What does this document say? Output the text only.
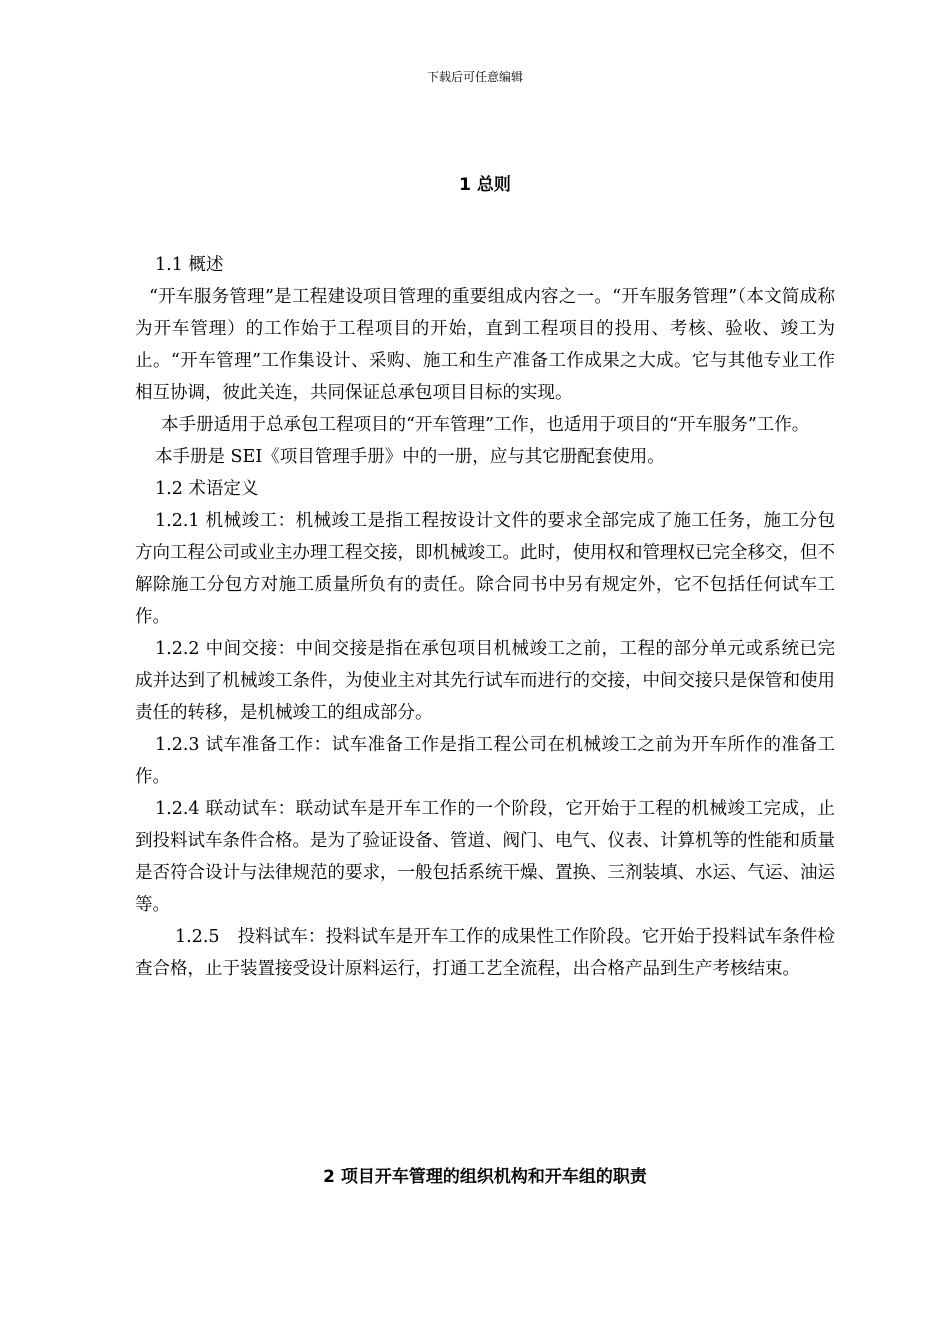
下载后可任意编辑
1 总则

1.1 概述

“开车服务管理”是工程建设项目管理的重要组成内容之一。“开车服务管理”（本文简成称为开车管理）的工作始于工程项目的开始，直到工程项目的投用、考核、验收、竣工为止。“开车管理”工作集设计、采购、施工和生产准备工作成果之大成。它与其他专业工作相互协调，彼此关连，共同保证总承包项目目标的实现。

本手册适用于总承包工程项目的“开车管理”工作，也适用于项目的“开车服务”工作。

本手册是 SEI《项目管理手册》中的一册，应与其它册配套使用。

1.2 术语定义

1.2.1 机械竣工：机械竣工是指工程按设计文件的要求全部完成了施工任务，施工分包方向工程公司或业主办理工程交接，即机械竣工。此时，使用权和管理权已完全移交，但不解除施工分包方对施工质量所负有的责任。除合同书中另有规定外，它不包括任何试车工作。

1.2.2 中间交接：中间交接是指在承包项目机械竣工之前，工程的部分单元或系统已完成并达到了机械竣工条件，为使业主对其先行试车而进行的交接，中间交接只是保管和使用责任的转移，是机械竣工的组成部分。

1.2.3 试车准备工作：试车准备工作是指工程公司在机械竣工之前为开车所作的准备工作。

1.2.4 联动试车：联动试车是开车工作的一个阶段，它开始于工程的机械竣工完成，止到投料试车条件合格。是为了验证设备、管道、阀门、电气、仪表、计算机等的性能和质量是否符合设计与法律规范的要求，一般包括系统干燥、置换、三剂装填、水运、气运、油运等。

1.2.5 投料试车：投料试车是开车工作的成果性工作阶段。它开始于投料试车条件检查合格，止于装置接受设计原料运行，打通工艺全流程，出合格产品到生产考核结束。

2 项目开车管理的组织机构和开车组的职责
